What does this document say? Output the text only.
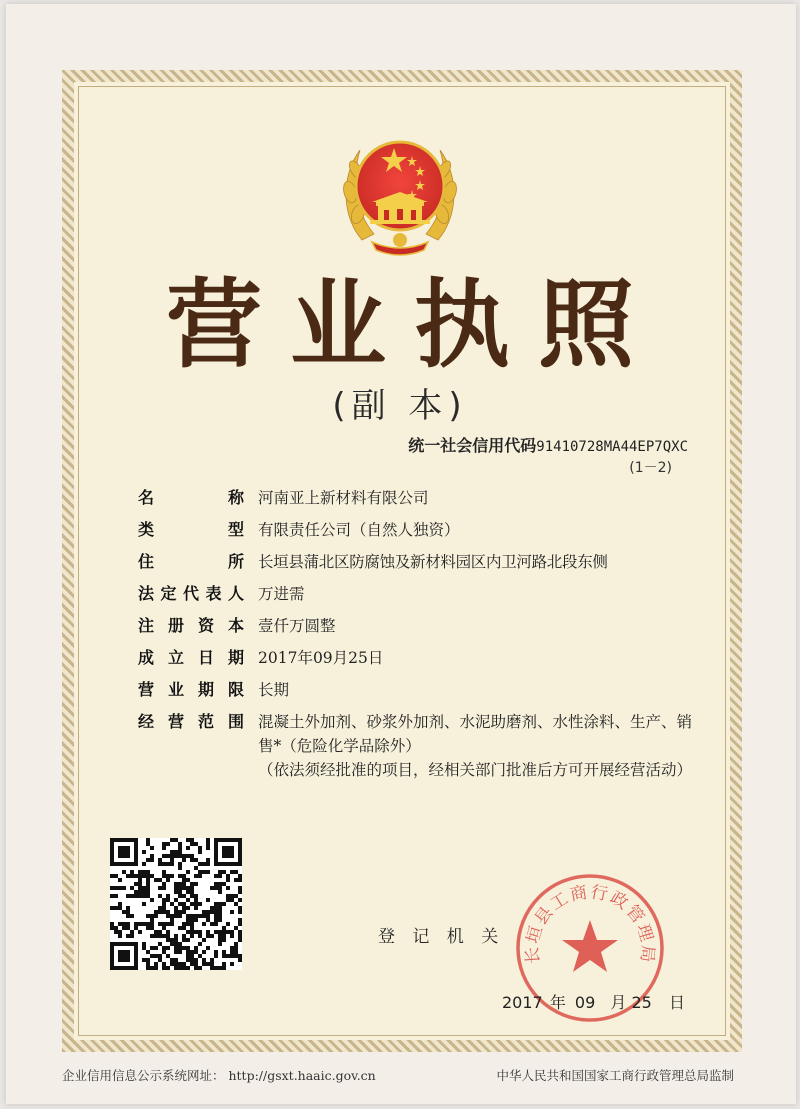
营业执照
(副 本)
统一社会信用代码91410728MA44EP7QXC
(1－2)
名	称 河南亚上新材料有限公司
类	型 有限责任公司（自然人独资）
住	所 长垣县蒲北区防腐蚀及新材料园区内卫河路北段东侧
法 定 代 表 人 万进需
注 册 资 本 壹仟万圆整
成 立 日 期 2017年09月25日
营 业 期 限 长期
经 营 范 围 混凝土外加剂、砂浆外加剂、水泥助磨剂、水性涂料、生产、销售*（危险化学品除外）
（依法须经批准的项目，经相关部门批准后方可开展经营活动）
登 记 机 关
长垣县工商行政管理局
2017 年 09 月 25 日
企业信用信息公示系统网址： http://gsxt.haaic.gov.cn	中华人民共和国国家工商行政管理总局监制
